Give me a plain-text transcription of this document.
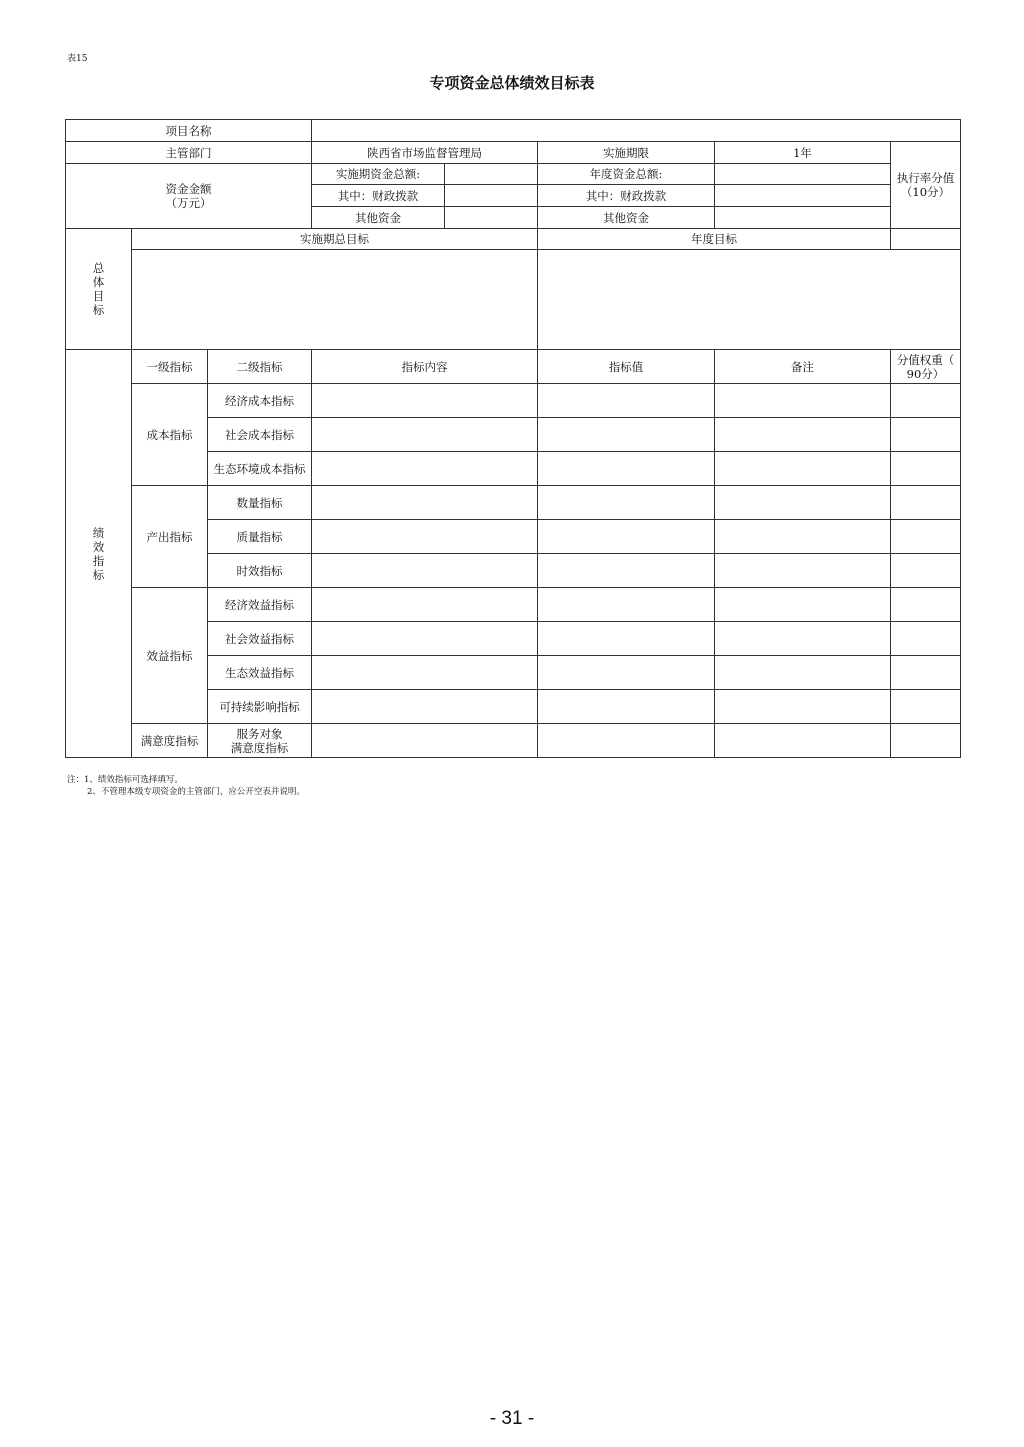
表15
专项资金总体绩效目标表
项目名称							
主管部门			陕西省市场监督管理局		实施期限	1年	执行率分值
（10分）
资金金额
（万元）			实施期资金总额:		年度资金总额:		
			其中：财政拨款		其中：财政拨款		
			其他资金		其他资金		

总
体
目
标	实施期总目标				年度目标		

绩
效
指
标	一级指标	二级指标	指标内容		指标值	备注	分值权重（
90分）
	成本指标	经济成本指标					
		社会成本指标					
		生态环境成本指标					
	产出指标	数量指标					
		质量指标					
		时效指标					
	效益指标	经济效益指标					
		社会效益指标					
		生态效益指标					
		可持续影响指标					
	满意度指标	服务对象
满意度指标					
注：1、绩效指标可选择填写。
2、不管理本级专项资金的主管部门，应公开空表并说明。
- 31 -
